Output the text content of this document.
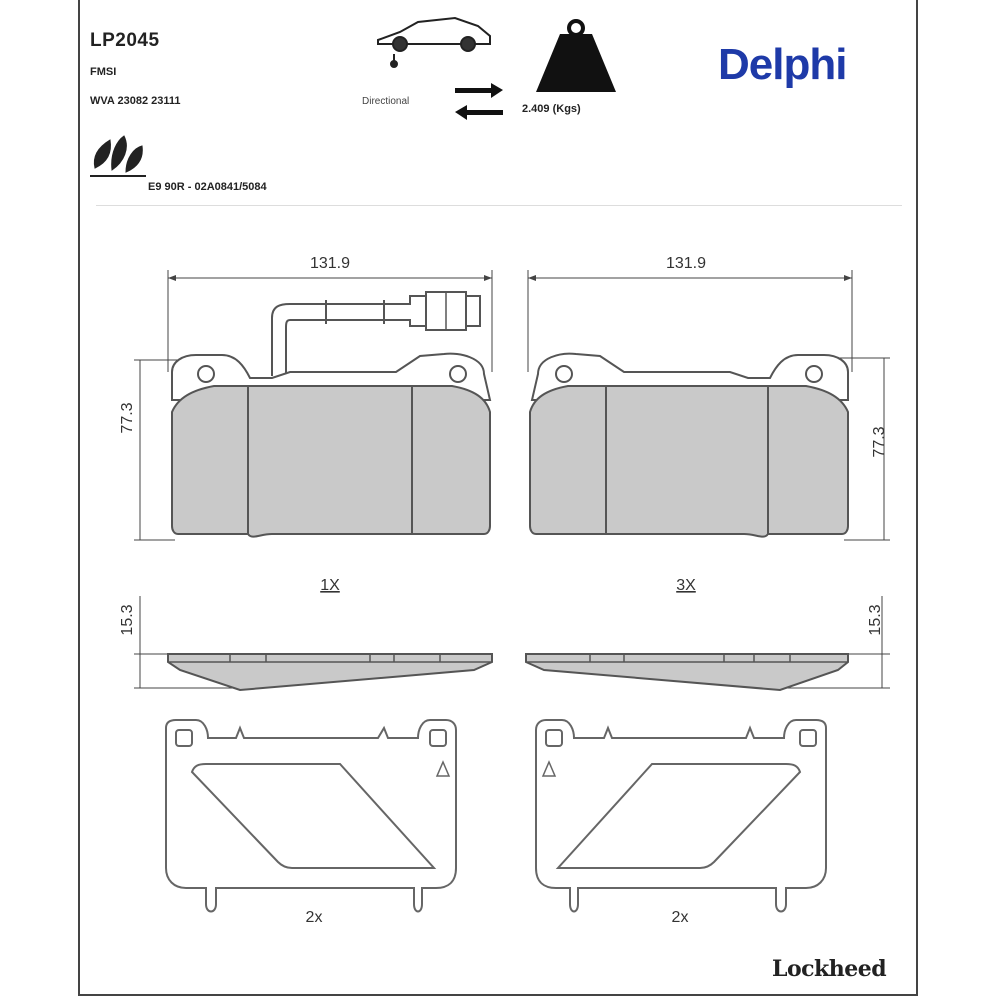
LP2045
FMSI
WVA 23082 23111
E9 90R - 02A0841/5084
Directional
2.409 (Kgs)
Delphi
Lockheed
131.9	131.9
77.3
77.3
15.3	15.3
1X	3X
2x	2x
